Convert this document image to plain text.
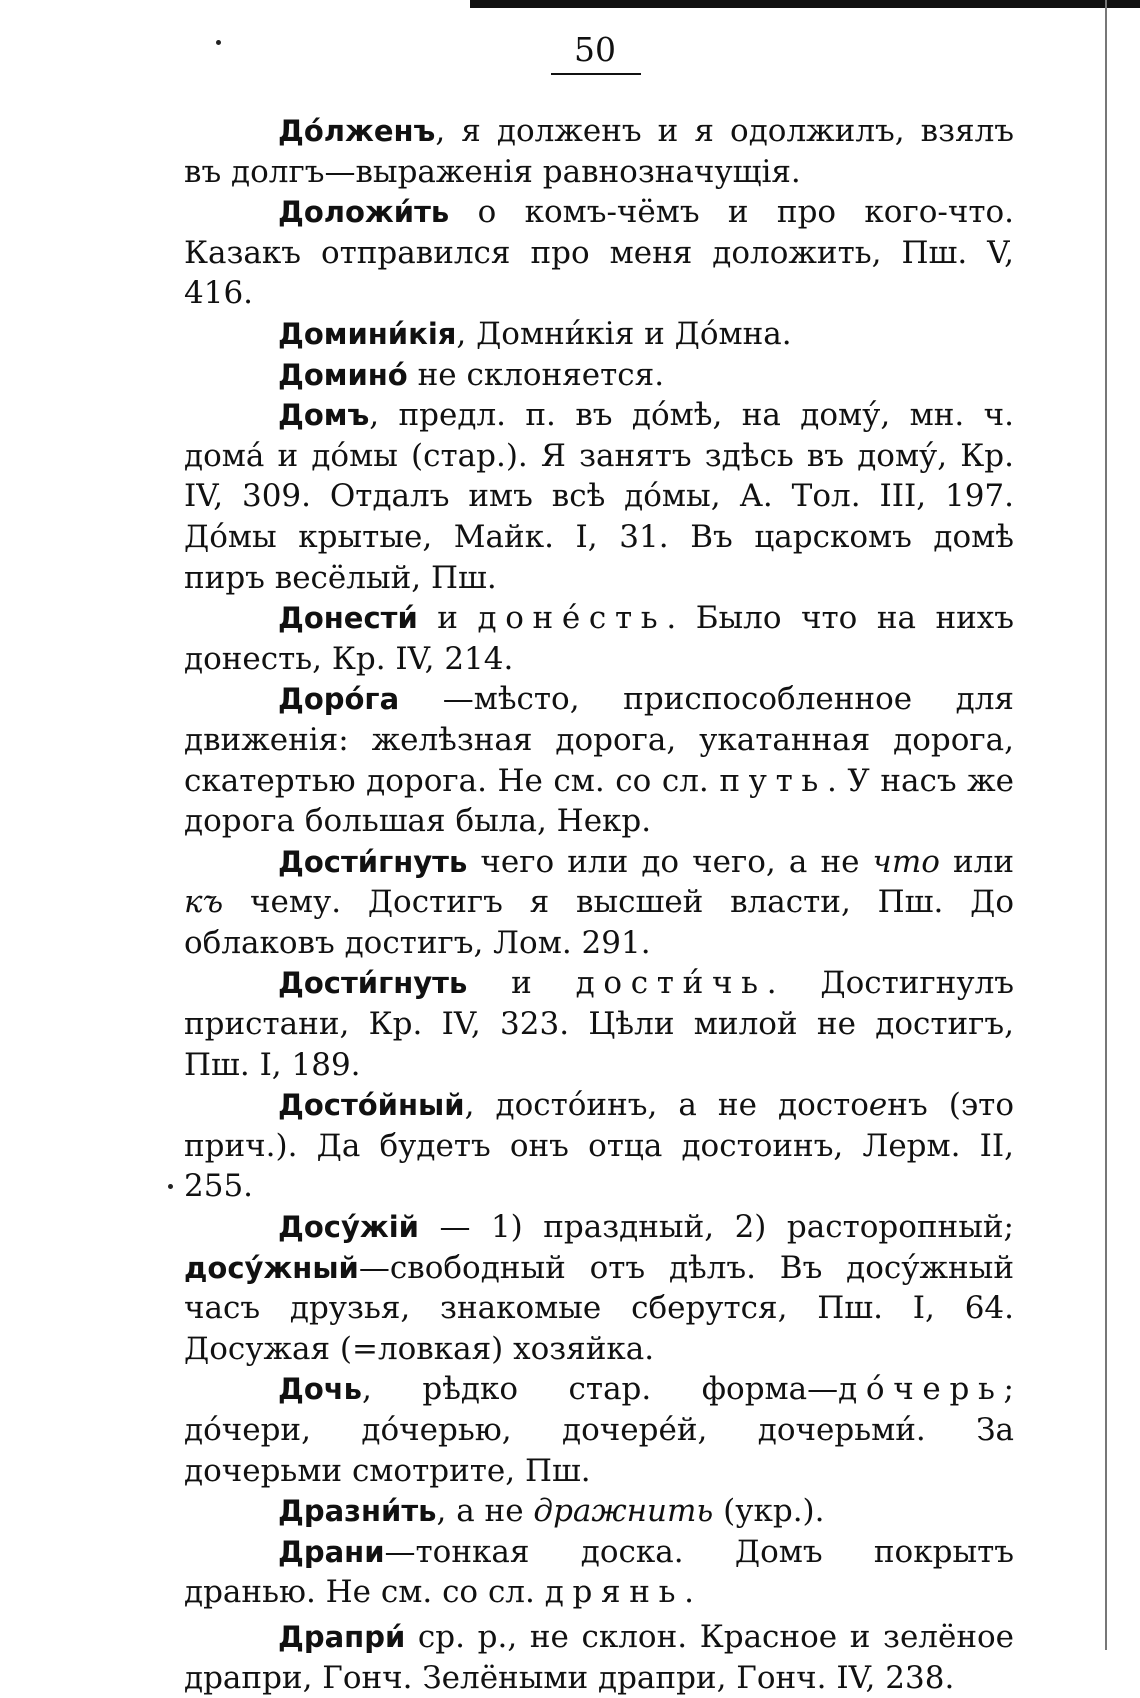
50

Дóлженъ, я долженъ и я одолжилъ, взялъ въ долгъ—выраженія равнозначущія.

Доложи́ть о комъ-чёмъ и про кого-что. Казакъ отправился про меня доложить, Пш. V, 416.

Домини́кія, Домни́кія и Дóмна.

Доминó не склоняется.

Домъ, предл. п. въ дóмѣ, на дому́, мн. ч. домá и дóмы (стар.). Я занятъ здѣсь въ дому́, Кр. IV, 309. Отдалъ имъ всѣ дóмы, А. Тол. III, 197. Дóмы крытые, Майк. I, 31. Въ царскомъ домѣ пиръ весёлый, Пш.

Донести́ и донéсть. Было что на нихъ донесть, Кр. IV, 214.

Дорóга —мѣсто, приспособленное для движенія: желѣзная дорога, укатанная дорога, скатертью дорога. Не см. со сл. путь. У насъ же дорога большая была, Некр.

Дости́гнуть чего или до чего, а не что или къ чему. Достигъ я высшей власти, Пш. До облаковъ достигъ, Лом. 291.

Дости́гнуть и дости́чь. Достигнулъ пристани, Кр. IV, 323. Цѣли милой не достигъ, Пш. I, 189.

Достóйный, достóинъ, а не достоенъ (это прич.). Да будетъ онъ отца достоинъ, Лерм. II, 255.

Досу́жій — 1) праздный, 2) расторопный; досу́жный—свободный отъ дѣлъ. Въ досу́жный часъ друзья, знакомые сберутся, Пш. I, 64. Досужая (=ловкая) хозяйка.

Дочь, рѣдко стар. форма—дóчерь; дóчери, дóчерью, дочерéй, дочерьми́. За дочерьми смотрите, Пш.

Дразни́ть, а не дражнить (укр.).

Драни—тонкая доска. Домъ покрытъ дранью. Не см. со сл. дрянь.

Драпри́ ср. р., не склон. Красное и зелёное драпри, Гонч. Зелёными драпри, Гонч. IV, 238.
